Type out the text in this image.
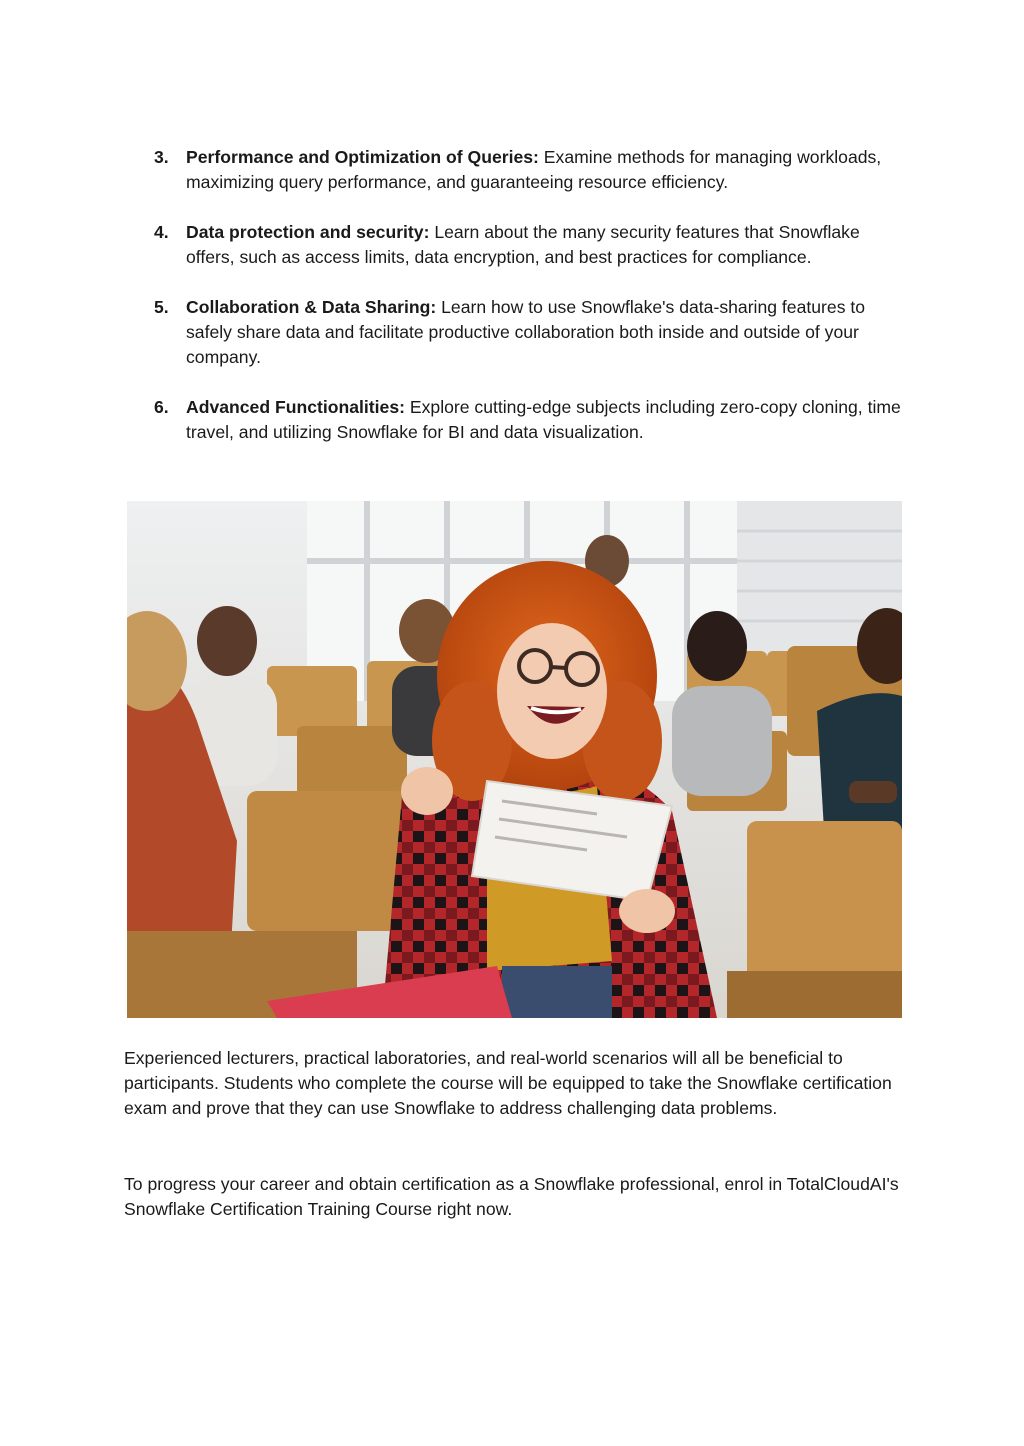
3. Performance and Optimization of Queries: Examine methods for managing workloads, maximizing query performance, and guaranteeing resource efficiency.
4. Data protection and security: Learn about the many security features that Snowflake offers, such as access limits, data encryption, and best practices for compliance.
5. Collaboration & Data Sharing: Learn how to use Snowflake's data-sharing features to safely share data and facilitate productive collaboration both inside and outside of your company.
6. Advanced Functionalities: Explore cutting-edge subjects including zero-copy cloning, time travel, and utilizing Snowflake for BI and data visualization.

Experienced lecturers, practical laboratories, and real-world scenarios will all be beneficial to participants. Students who complete the course will be equipped to take the Snowflake certification exam and prove that they can use Snowflake to address challenging data problems.

To progress your career and obtain certification as a Snowflake professional, enrol in TotalCloudAI's Snowflake Certification Training Course right now.
